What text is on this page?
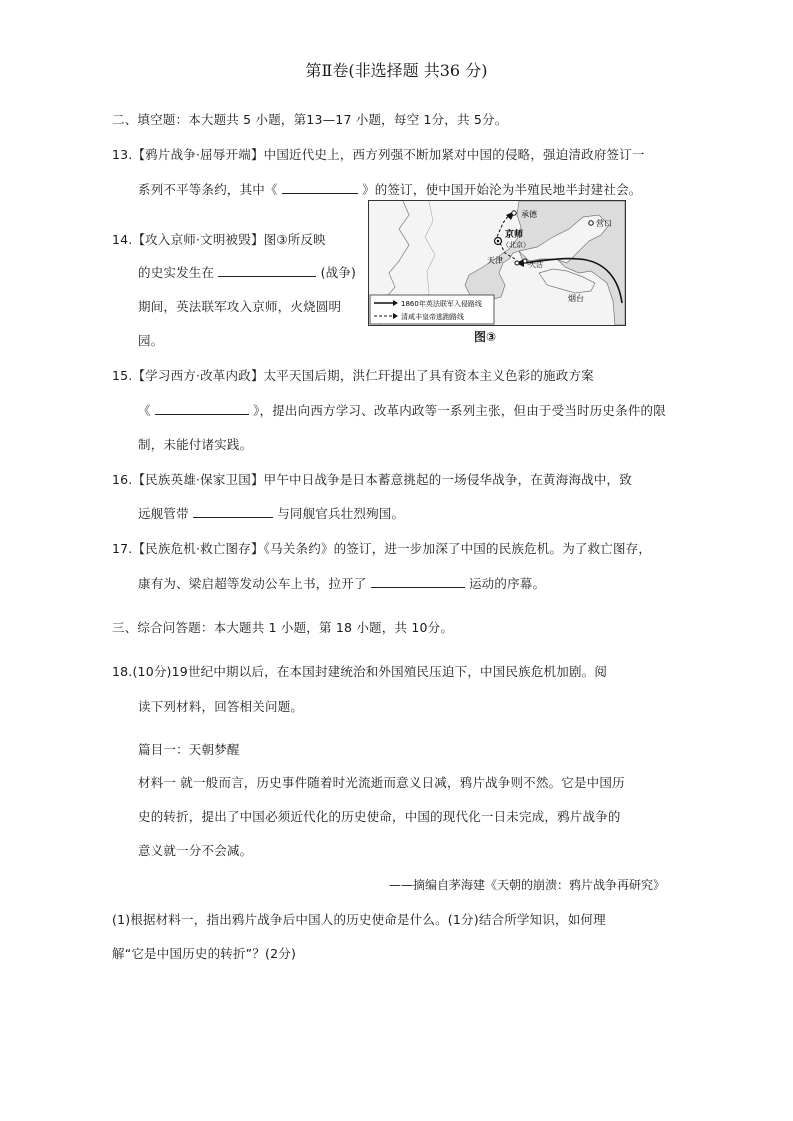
第Ⅱ卷(非选择题 共36 分)
二、填空题：本大题共 5 小题，第13—17 小题，每空 1分，共 5分。
13.【鸦片战争·屈辱开端】中国近代史上，西方列强不断加紧对中国的侵略，强迫清政府签订一
系列不平等条约，其中《	》的签订，使中国开始沦为半殖民地半封建社会。
14.【攻入京师·文明被毁】图③所反映
的史实发生在	(战争)
期间，英法联军攻入京师，火烧圆明
园。
承德
营口
京师
（北京）
天津	大沽
烟台
1860年英法联军入侵路线
清咸丰皇帝逃跑路线
图③
15.【学习西方·改革内政】太平天国后期，洪仁玕提出了具有资本主义色彩的施政方案
《	》，提出向西方学习、改革内政等一系列主张，但由于受当时历史条件的限
制，未能付诸实践。
16.【民族英雄·保家卫国】甲午中日战争是日本蓄意挑起的一场侵华战争，在黄海海战中，致
远舰管带	与同舰官兵壮烈殉国。
17.【民族危机·救亡图存】《马关条约》的签订，进一步加深了中国的民族危机。为了救亡图存，
康有为、梁启超等发动公车上书，拉开了	运动的序幕。
三、综合问答题：本大题共 1 小题，第 18 小题，共 10分。
18.(10分)19世纪中期以后，在本国封建统治和外国殖民压迫下，中国民族危机加剧。阅
读下列材料，回答相关问题。
篇目一：天朝梦醒
材料一 就一般而言，历史事件随着时光流逝而意义日减，鸦片战争则不然。它是中国历
史的转折，提出了中国必须近代化的历史使命，中国的现代化一日未完成，鸦片战争的
意义就一分不会减。
——摘编自茅海建《天朝的崩溃：鸦片战争再研究》
(1)根据材料一，指出鸦片战争后中国人的历史使命是什么。(1分)结合所学知识，如何理
解“它是中国历史的转折”？(2分)
